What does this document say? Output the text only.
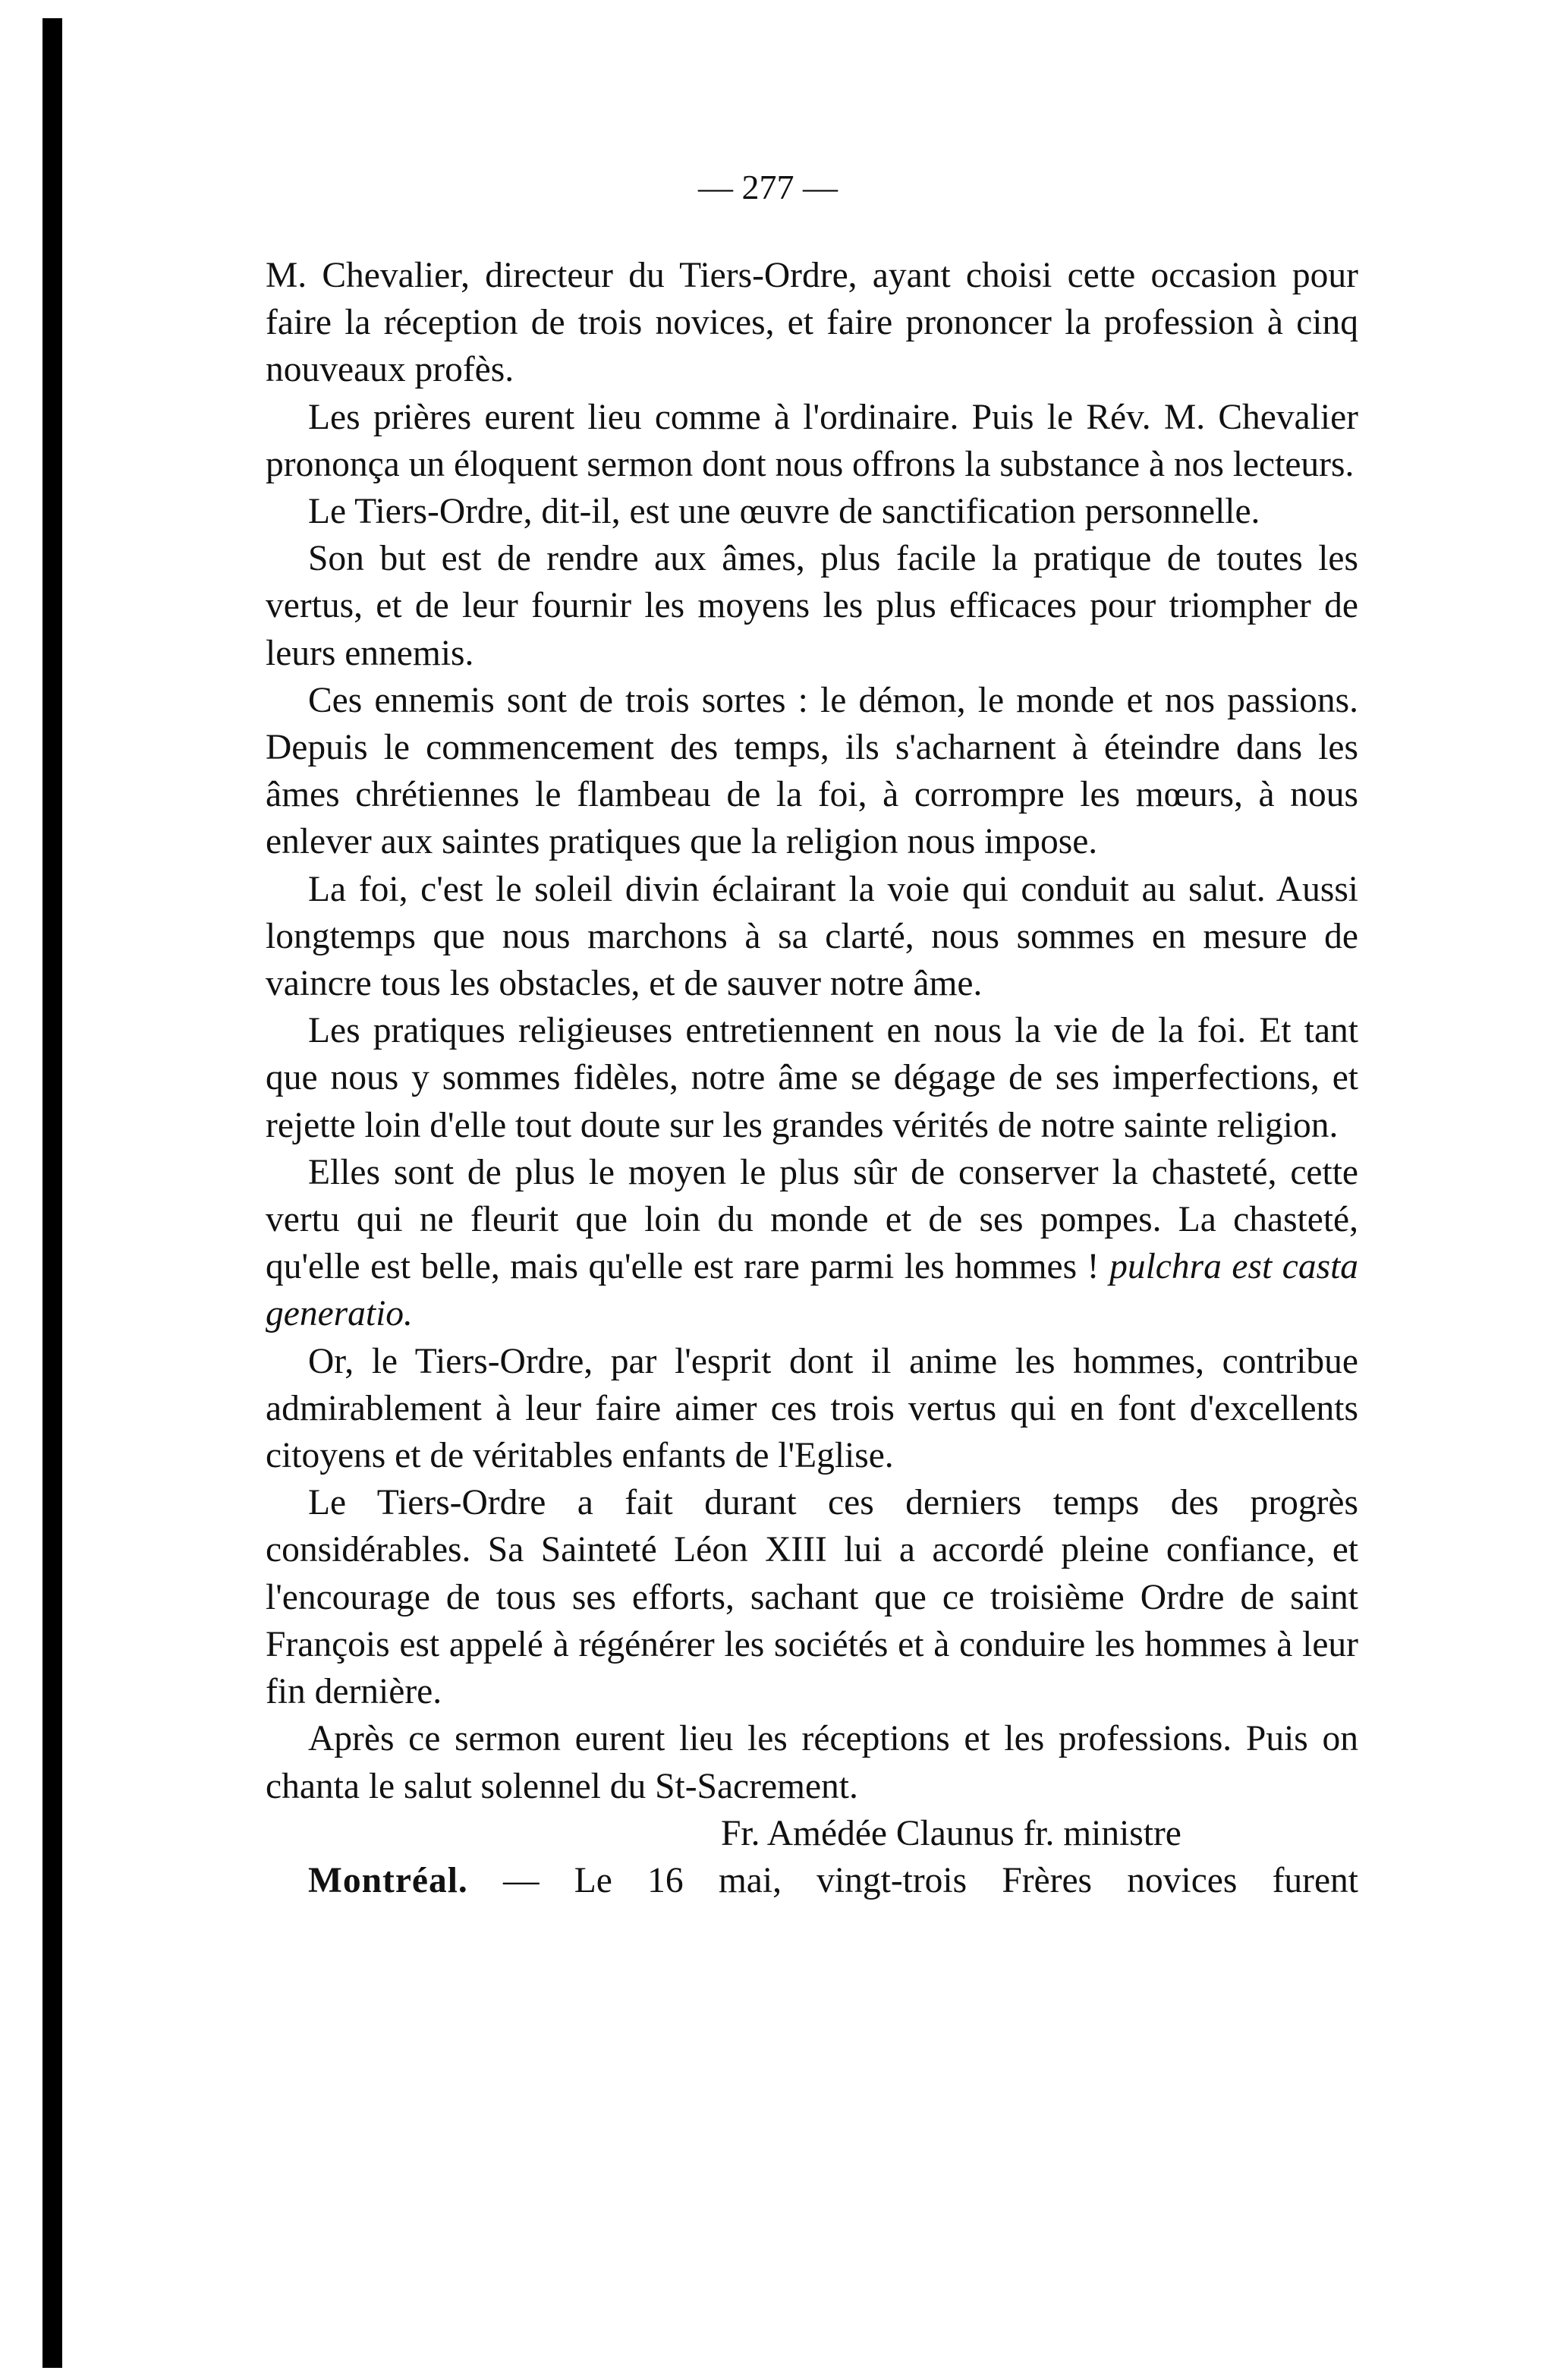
— 277 —

M. Chevalier, directeur du Tiers-Ordre, ayant choisi cette occasion pour faire la réception de trois novices, et faire prononcer la profession à cinq nouveaux profès.

Les prières eurent lieu comme à l'ordinaire. Puis le Rév. M. Chevalier prononça un éloquent sermon dont nous offrons la substance à nos lecteurs.

Le Tiers-Ordre, dit-il, est une œuvre de sanctification personnelle.

Son but est de rendre aux âmes, plus facile la pratique de toutes les vertus, et de leur fournir les moyens les plus efficaces pour triompher de leurs ennemis.

Ces ennemis sont de trois sortes : le démon, le monde et nos passions. Depuis le commencement des temps, ils s'acharnent à éteindre dans les âmes chrétiennes le flambeau de la foi, à corrompre les mœurs, à nous enlever aux saintes pratiques que la religion nous impose.

La foi, c'est le soleil divin éclairant la voie qui conduit au salut. Aussi longtemps que nous marchons à sa clarté, nous sommes en mesure de vaincre tous les obstacles, et de sauver notre âme.

Les pratiques religieuses entretiennent en nous la vie de la foi. Et tant que nous y sommes fidèles, notre âme se dégage de ses imperfections, et rejette loin d'elle tout doute sur les grandes vérités de notre sainte religion.

Elles sont de plus le moyen le plus sûr de conserver la chasteté, cette vertu qui ne fleurit que loin du monde et de ses pompes. La chasteté, qu'elle est belle, mais qu'elle est rare parmi les hommes ! pulchra est casta generatio.

Or, le Tiers-Ordre, par l'esprit dont il anime les hommes, contribue admirablement à leur faire aimer ces trois vertus qui en font d'excellents citoyens et de véritables enfants de l'Eglise.

Le Tiers-Ordre a fait durant ces derniers temps des progrès considérables. Sa Sainteté Léon XIII lui a accordé pleine confiance, et l'encourage de tous ses efforts, sachant que ce troisième Ordre de saint François est appelé à régénérer les sociétés et à conduire les hommes à leur fin dernière.

Après ce sermon eurent lieu les réceptions et les professions. Puis on chanta le salut solennel du St-Sacrement.

Fr. Amédée Claunus fr. ministre

Montréal. — Le 16 mai, vingt-trois Frères novices furent
